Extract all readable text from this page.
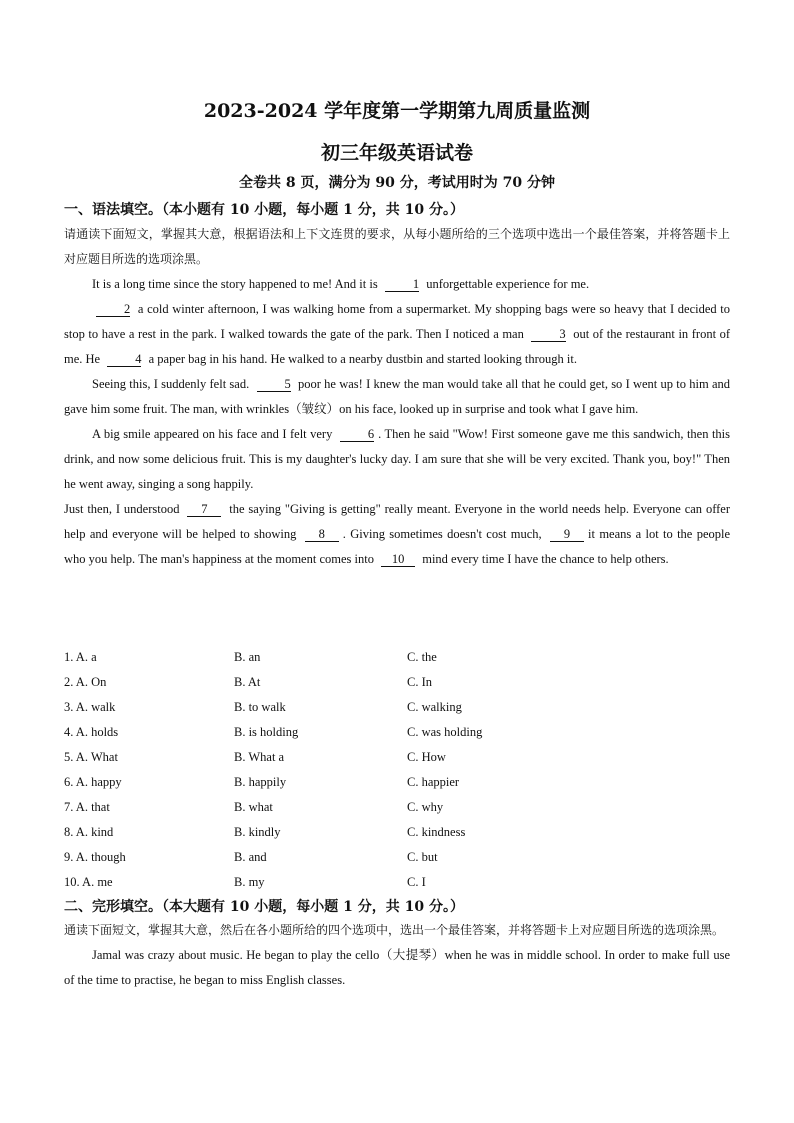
2023-2024 学年度第一学期第九周质量监测
初三年级英语试卷
全卷共 8 页，满分为 90 分，考试用时为 70 分钟
一、语法填空。（本小题有 10 小题，每小题 1 分，共 10 分。）

请通读下面短文，掌握其大意，根据语法和上下文连贯的要求，从每小题所给的三个选项中选出一个最佳答案，并将答题卡上对应题目所选的选项涂黑。

It is a long time since the story happened to me! And it is	1 unforgettable experience for me.

2 a cold winter afternoon, I was walking home from a supermarket. My shopping bags were so heavy that I decided to stop to have a rest in the park. I walked towards the gate of the park. Then I noticed a man	3 out of the restaurant in front of me. He	4 a paper bag in his hand. He walked to a nearby dustbin and started looking through it.

Seeing this, I suddenly felt sad.	5 poor he was! I knew the man would take all that he could get, so I went up to him and gave him some fruit. The man, with wrinkles（皱纹）on his face, looked up in surprise and took what I gave him.

A big smile appeared on his face and I felt very	6 . Then he said "Wow! First someone gave me this sandwich, then this drink, and now some delicious fruit. This is my daughter's lucky day. I am sure that she will be very excited. Thank you, boy!" Then he went away, singing a song happily.

Just then, I understood 7 the saying "Giving is getting" really meant. Everyone in the world needs help. Everyone can offer help and everyone will be helped to showing 8 . Giving sometimes doesn't cost much, 9 it means a lot to the people who you help. The man's happiness at the moment comes into 10 mind every time I have the chance to help others.

1. A. a	B. an	C. the
2. A. On	B. At	C. In
3. A. walk	B. to walk	C. walking
4. A. holds	B. is holding	C. was holding
5. A. What	B. What a	C. How
6. A. happy	B. happily	C. happier
7. A. that	B. what	C. why
8. A. kind	B. kindly	C. kindness
9. A. though	B. and	C. but
10. A. me	B. my	C. I
二、完形填空。（本大题有 10 小题，每小题 1 分，共 10 分。）

通读下面短文，掌握其大意，然后在各小题所给的四个选项中，选出一个最佳答案，并将答题卡上对应题目所选的选项涂黑。

Jamal was crazy about music. He began to play the cello（大提琴）when he was in middle school. In order to make full use of the time to practise, he began to miss English classes.
